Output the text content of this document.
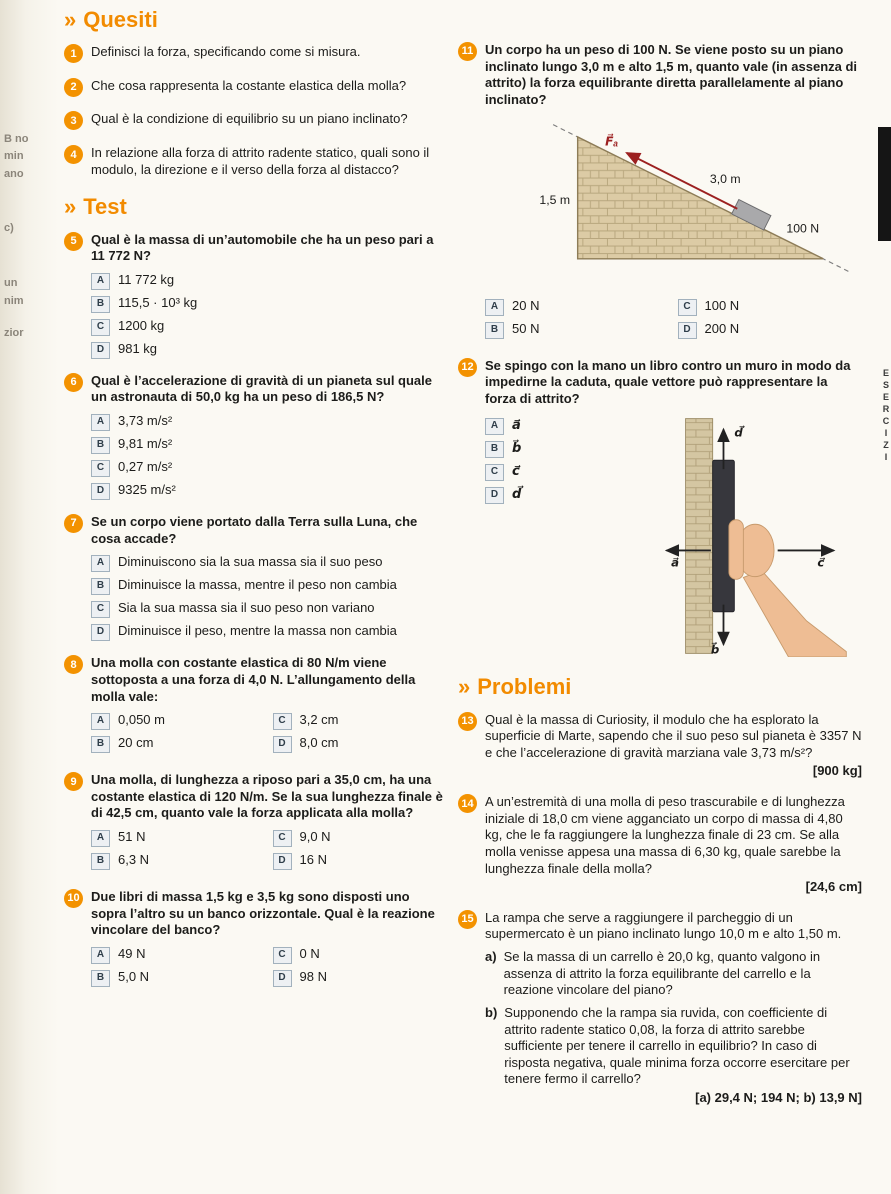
B no
min
ano
c)
un
nim
zior
» Quesiti
1	Definisci la forza, specificando come si misura.
2	Che cosa rappresenta la costante elastica della molla?
3	Qual è la condizione di equilibrio su un piano inclinato?
4	In relazione alla forza di attrito radente statico, quali sono il modulo, la direzione e il verso della forza al distacco?
» Test
5	Qual è la massa di un’automobile che ha un peso pari a 11 772 N?
A	11 772 kg
B	115,5 · 10³ kg
C	1200 kg
D	981 kg
6	Qual è l’accelerazione di gravità di un pianeta sul quale un astronauta di 50,0 kg ha un peso di 186,5 N?
A	3,73 m/s²
B	9,81 m/s²
C	0,27 m/s²
D	9325 m/s²
7	Se un corpo viene portato dalla Terra sulla Luna, che cosa accade?
A	Diminuiscono sia la sua massa sia il suo peso
B	Diminuisce la massa, mentre il peso non cambia
C	Sia la sua massa sia il suo peso non variano
D	Diminuisce il peso, mentre la massa non cambia
8	Una molla con costante elastica di 80 N/m viene sottoposta a una forza di 4,0 N. L’allungamento della molla vale:
A	0,050 m
B	20 cm
C	3,2 cm
D	8,0 cm
9	Una molla, di lunghezza a riposo pari a 35,0 cm, ha una costante elastica di 120 N/m. Se la sua lunghezza finale è di 42,5 cm, quanto vale la forza applicata alla molla?
A	51 N
B	6,3 N
C	9,0 N
D	16 N
10 Due libri di massa 1,5 kg e 3,5 kg sono disposti uno sopra l’altro su un banco orizzontale. Qual è la reazione vincolare del banco?
A	49 N
B	5,0 N
C	0 N
D	98 N
11 Un corpo ha un peso di 100 N. Se viene posto su un piano inclinato lungo 3,0 m e alto 1,5 m, quanto vale (in assenza di attrito) la forza equilibrante diretta parallelamente al piano inclinato?
F⃗ₐ
3,0 m
1,5 m
100 N
A	20 N
B	50 N
C	100 N
D	200 N
12 Se spingo con la mano un libro contro un muro in modo da impedirne la caduta, quale vettore può rappresentare la forza di attrito?
A	a⃗
B	b⃗
C	c⃗
D	d⃗
d⃗
b⃗
a⃗	c⃗
» Problemi
13 Qual è la massa di Curiosity, il modulo che ha esplorato la superficie di Marte, sapendo che il suo peso sul pianeta è 3357 N e che l’accelerazione di gravità marziana vale 3,73 m/s²?
[900 kg]
14 A un’estremità di una molla di peso trascurabile e di lunghezza iniziale di 18,0 cm viene agganciato un corpo di massa di 4,80 kg, che le fa raggiungere la lunghezza finale di 23 cm. Se alla molla venisse appesa una massa di 6,30 kg, quale sarebbe la lunghezza finale della molla?
[24,6 cm]
15 La rampa che serve a raggiungere il parcheggio di un supermercato è un piano inclinato lungo 10,0 m e alto 1,50 m.
a) Se la massa di un carrello è 20,0 kg, quanto valgono in assenza di attrito la forza equilibrante del carrello e la reazione vincolare del piano?
b) Supponendo che la rampa sia ruvida, con coefficiente di attrito radente statico 0,08, la forza di attrito sarebbe sufficiente per tenere il carrello in equilibrio? In caso di risposta negativa, quale minima forza occorre esercitare per tenere fermo il carrello?
[a) 29,4 N; 194 N; b) 13,9 N]
ESERCIZI
